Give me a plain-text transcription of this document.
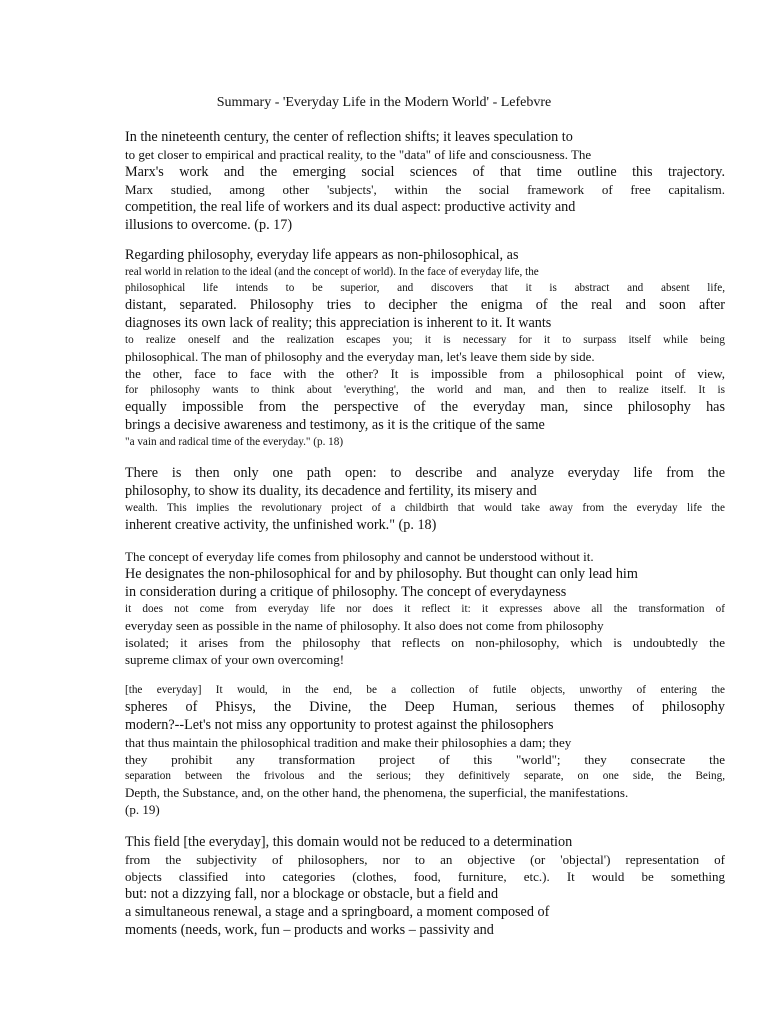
Summary - 'Everyday Life in the Modern World' - Lefebvre
In the nineteenth century, the center of reflection shifts; it leaves speculation to
to get closer to empirical and practical reality, to the "data" of life and consciousness. The
Marx's work and the emerging social sciences of that time outline this trajectory.
Marx studied, among other 'subjects', within the social framework of free capitalism.
competition, the real life of workers and its dual aspect: productive activity and
illusions to overcome. (p. 17)
Regarding philosophy, everyday life appears as non-philosophical, as
real world in relation to the ideal (and the concept of world). In the face of everyday life, the
philosophical life intends to be superior, and discovers that it is abstract and absent life,
distant, separated. Philosophy tries to decipher the enigma of the real and soon after
diagnoses its own lack of reality; this appreciation is inherent to it. It wants
to realize oneself and the realization escapes you; it is necessary for it to surpass itself while being
philosophical. The man of philosophy and the everyday man, let's leave them side by side.
the other, face to face with the other? It is impossible from a philosophical point of view,
for philosophy wants to think about 'everything', the world and man, and then to realize itself. It is
equally impossible from the perspective of the everyday man, since philosophy has
brings a decisive awareness and testimony, as it is the critique of the same
"a vain and radical time of the everyday." (p. 18)
There is then only one path open: to describe and analyze everyday life from the
philosophy, to show its duality, its decadence and fertility, its misery and
wealth. This implies the revolutionary project of a childbirth that would take away from the everyday life the
inherent creative activity, the unfinished work." (p. 18)
The concept of everyday life comes from philosophy and cannot be understood without it.
He designates the non-philosophical for and by philosophy. But thought can only lead him
in consideration during a critique of philosophy. The concept of everydayness
it does not come from everyday life nor does it reflect it: it expresses above all the transformation of
everyday seen as possible in the name of philosophy. It also does not come from philosophy
isolated; it arises from the philosophy that reflects on non-philosophy, which is undoubtedly the
supreme climax of your own overcoming!
[the everyday] It would, in the end, be a collection of futile objects, unworthy of entering the
spheres of Phisys, the Divine, the Deep Human, serious themes of philosophy
modern?--Let's not miss any opportunity to protest against the philosophers
that thus maintain the philosophical tradition and make their philosophies a dam; they
they prohibit any transformation project of this "world"; they consecrate the
separation between the frivolous and the serious; they definitively separate, on one side, the Being,
Depth, the Substance, and, on the other hand, the phenomena, the superficial, the manifestations.
(p. 19)
This field [the everyday], this domain would not be reduced to a determination
from the subjectivity of philosophers, nor to an objective (or 'objectal') representation of
objects classified into categories (clothes, food, furniture, etc.). It would be something
but: not a dizzying fall, nor a blockage or obstacle, but a field and
a simultaneous renewal, a stage and a springboard, a moment composed of
moments (needs, work, fun – products and works – passivity and
